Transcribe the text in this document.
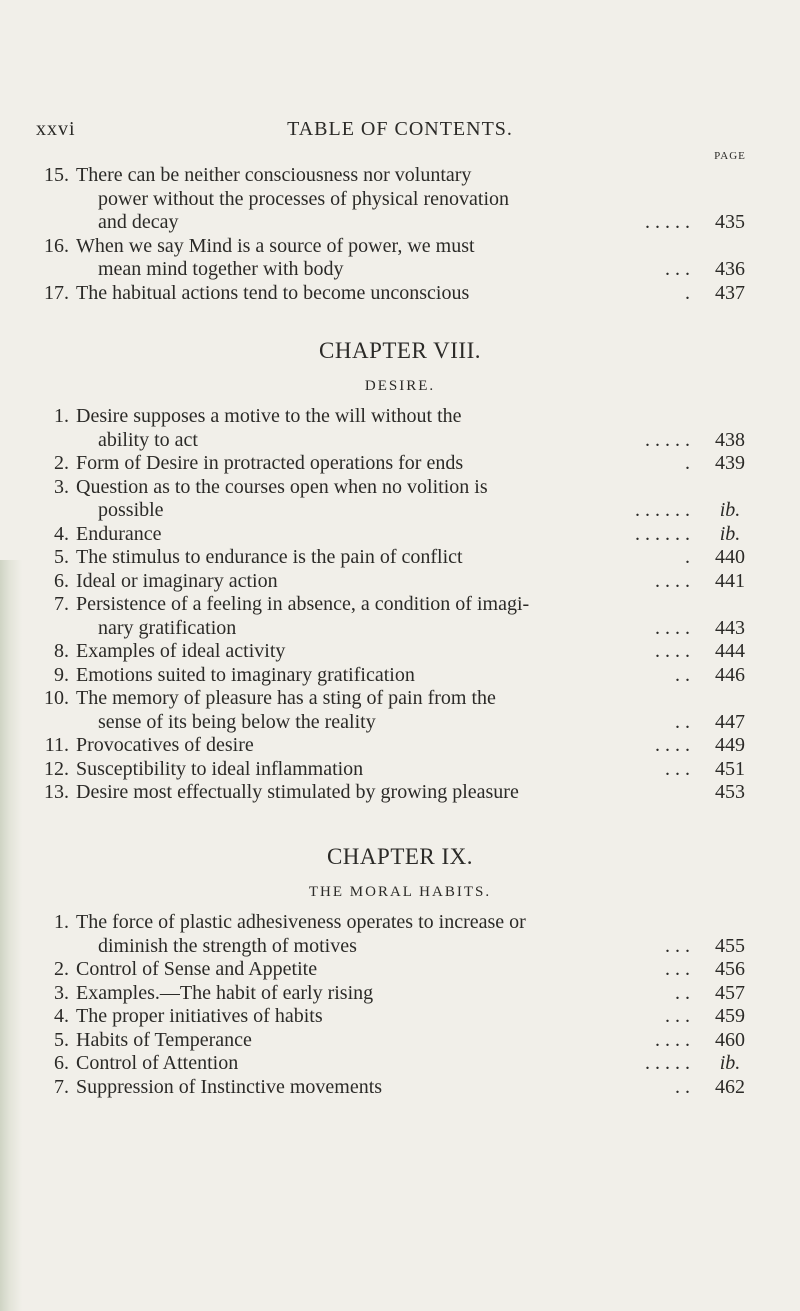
xxvi	TABLE OF CONTENTS.
PAGE
15. There can be neither consciousness nor voluntary
power without the processes of physical renovation
and decay	. . . . .	435
16. When we say Mind is a source of power, we must
mean mind together with body	. . .	436
17. The habitual actions tend to become unconscious	.	437
CHAPTER VIII.
DESIRE.
1. Desire supposes a motive to the will without the
ability to act	. . . . .	438
2. Form of Desire in protracted operations for ends	.	439
3. Question as to the courses open when no volition is
possible	. . . . . .	ib.
4. Endurance	. . . . . .	ib.
5. The stimulus to endurance is the pain of conflict	.	440
6. Ideal or imaginary action	. . . .	441
7. Persistence of a feeling in absence, a condition of imagi-
nary gratification	. . . .	443
8. Examples of ideal activity	. . . .	444
9. Emotions suited to imaginary gratification	. .	446
10. The memory of pleasure has a sting of pain from the
sense of its being below the reality	. .	447
11. Provocatives of desire	. . . .	449
12. Susceptibility to ideal inflammation	. . .	451
13. Desire most effectually stimulated by growing pleasure	453
CHAPTER IX.
THE MORAL HABITS.
1. The force of plastic adhesiveness operates to increase or
diminish the strength of motives	. . .	455
2. Control of Sense and Appetite	. . .	456
3. Examples.—The habit of early rising	. .	457
4. The proper initiatives of habits	. . .	459
5. Habits of Temperance	. . . .	460
6. Control of Attention	. . . . .	ib.
7. Suppression of Instinctive movements	. .	462
